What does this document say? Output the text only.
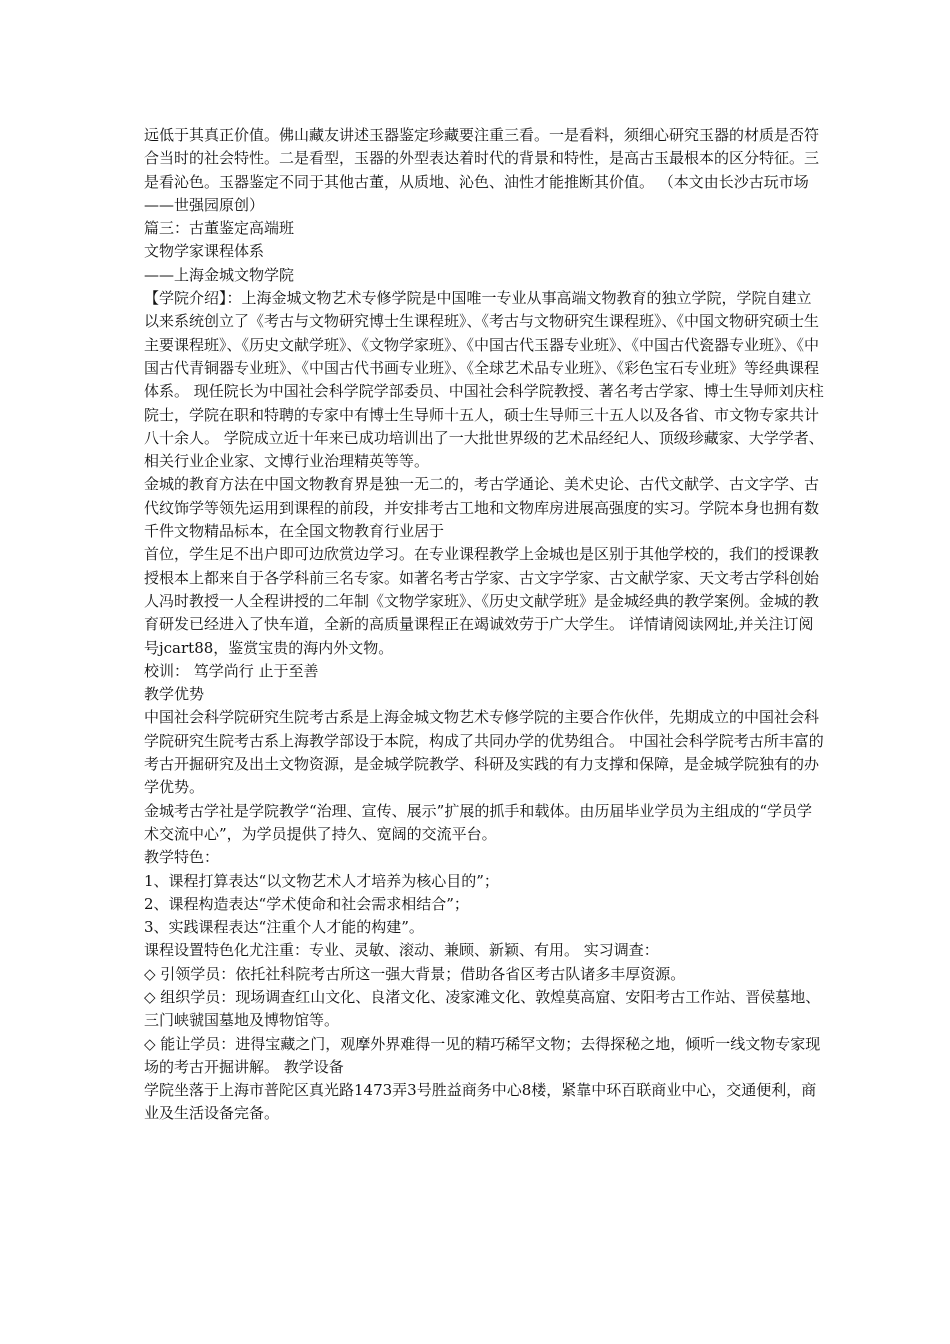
远低于其真正价值。佛山藏友讲述玉器鉴定珍藏要注重三看。一是看料，须细心研究玉器的材质是否符合当时的社会特性。二是看型，玉器的外型表达着时代的背景和特性，是高古玉最根本的区分特征。三是看沁色。玉器鉴定不同于其他古董，从质地、沁色、油性才能推断其价值。 （本文由长沙古玩市场——世强园原创）

篇三：古董鉴定高端班

文物学家课程体系

——上海金城文物学院

【学院介绍】：上海金城文物艺术专修学院是中国唯一专业从事高端文物教育的独立学院，学院自建立以来系统创立了《考古与文物研究博士生课程班》、《考古与文物研究生课程班》、《中国文物研究硕士生主要课程班》、《历史文献学班》、《文物学家班》、《中国古代玉器专业班》、《中国古代瓷器专业班》、《中国古代青铜器专业班》、《中国古代书画专业班》、《全球艺术品专业班》、《彩色宝石专业班》等经典课程体系。 现任院长为中国社会科学院学部委员、中国社会科学院教授、著名考古学家、博士生导师刘庆柱院士，学院在职和特聘的专家中有博士生导师十五人，硕士生导师三十五人以及各省、市文物专家共计八十余人。 学院成立近十年来已成功培训出了一大批世界级的艺术品经纪人、顶级珍藏家、大学学者、相关行业企业家、文博行业治理精英等等。

金城的教育方法在中国文物教育界是独一无二的，考古学通论、美术史论、古代文献学、古文字学、古代纹饰学等领先运用到课程的前段，并安排考古工地和文物库房进展高强度的实习。学院本身也拥有数千件文物精品标本，在全国文物教育行业居于

首位，学生足不出户即可边欣赏边学习。在专业课程教学上金城也是区别于其他学校的，我们的授课教授根本上都来自于各学科前三名专家。如著名考古学家、古文字学家、古文献学家、天文考古学科创始人冯时教授一人全程讲授的二年制《文物学家班》、《历史文献学班》是金城经典的教学案例。金城的教育研发已经进入了快车道，全新的高质量课程正在竭诚效劳于广大学生。 详情请阅读网址,并关注订阅号jcart88，鉴赏宝贵的海内外文物。

校训： 笃学尚行 止于至善

教学优势

中国社会科学院研究生院考古系是上海金城文物艺术专修学院的主要合作伙伴，先期成立的中国社会科学院研究生院考古系上海教学部设于本院，构成了共同办学的优势组合。 中国社会科学院考古所丰富的考古开掘研究及出土文物资源，是金城学院教学、科研及实践的有力支撑和保障，是金城学院独有的办学优势。

金城考古学社是学院教学“治理、宣传、展示”扩展的抓手和载体。由历届毕业学员为主组成的“学员学术交流中心”，为学员提供了持久、宽阔的交流平台。

教学特色：

1、课程打算表达“以文物艺术人才培养为核心目的”；

2、课程构造表达“学术使命和社会需求相结合”；

3、实践课程表达“注重个人才能的构建”。

课程设置特色化尤注重：专业、灵敏、滚动、兼顾、新颖、有用。 实习调查：

◇ 引领学员：依托社科院考古所这一强大背景；借助各省区考古队诸多丰厚资源。

◇ 组织学员：现场调查红山文化、良渚文化、凌家滩文化、敦煌莫高窟、安阳考古工作站、晋侯墓地、三门峡虢国墓地及博物馆等。

◇ 能让学员：进得宝藏之门，观摩外界难得一见的精巧稀罕文物；去得探秘之地，倾听一线文物专家现场的考古开掘讲解。 教学设备

学院坐落于上海市普陀区真光路1473弄3号胜益商务中心8楼，紧靠中环百联商业中心，交通便利，商业及生活设备完备。
